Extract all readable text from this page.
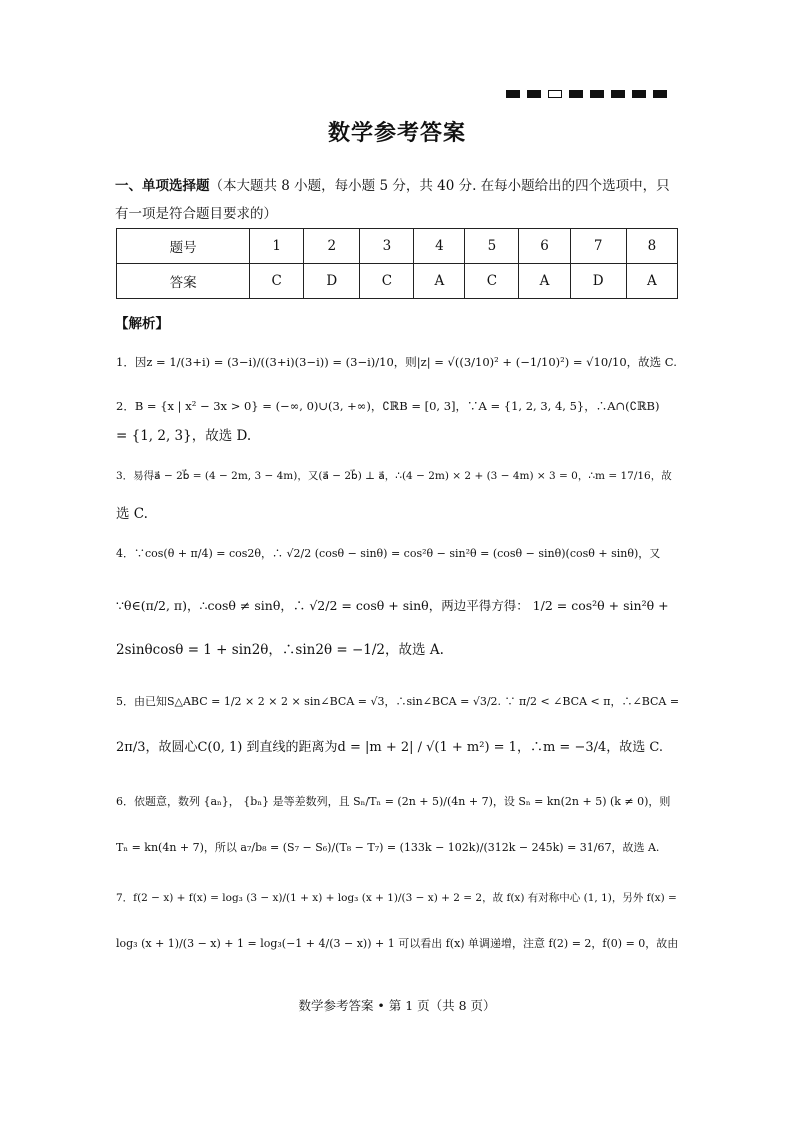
数学参考答案
一、单项选择题（本大题共 8 小题，每小题 5 分，共 40 分. 在每小题给出的四个选项中，只
有一项是符合题目要求的）
题号	1	2	3	4	5	6	7	8
答案	C	D	C	A	C	A	D	A
【解析】
1．因z = 1/(3+i) = (3−i)/((3+i)(3−i)) = (3−i)/10，则|z| = √((3/10)² + (−1/10)²) = √10/10，故选 C.
2．B = {x | x² − 3x > 0} = (−∞, 0)∪(3, +∞)，∁ℝB = [0, 3]，∵A = {1, 2, 3, 4, 5}，∴A∩(∁ℝB)
= {1, 2, 3}，故选 D.
3．易得a⃗ − 2b⃗ = (4 − 2m, 3 − 4m)，又(a⃗ − 2b⃗) ⊥ a⃗，∴(4 − 2m) × 2 + (3 − 4m) × 3 = 0，∴m = 17/16，故
选 C.
4．∵cos(θ + π/4) = cos2θ，∴ √2/2 (cosθ − sinθ) = cos²θ − sin²θ = (cosθ − sinθ)(cosθ + sinθ)，又
∵θ∈(π/2, π)，∴cosθ ≠ sinθ，∴ √2/2 = cosθ + sinθ，两边平得方得： 1/2 = cos²θ + sin²θ +
2sinθcosθ = 1 + sin2θ，∴sin2θ = −1/2，故选 A.
5．由已知S△ABC = 1/2 × 2 × 2 × sin∠BCA = √3，∴sin∠BCA = √3/2. ∵ π/2 < ∠BCA < π，∴∠BCA =
2π/3，故圆心C(0, 1) 到直线的距离为d = |m + 2| / √(1 + m²) = 1，∴m = −3/4，故选 C.
6．依题意，数列 {aₙ}， {bₙ} 是等差数列，且 Sₙ/Tₙ = (2n + 5)/(4n + 7)，设 Sₙ = kn(2n + 5) (k ≠ 0)，则
Tₙ = kn(4n + 7)，所以 a₇/b₈ = (S₇ − S₆)/(T₈ − T₇) = (133k − 102k)/(312k − 245k) = 31/67，故选 A.
7．f(2 − x) + f(x) = log₃ (3 − x)/(1 + x) + log₃ (x + 1)/(3 − x) + 2 = 2，故 f(x) 有对称中心 (1, 1)，另外 f(x) =
log₃ (x + 1)/(3 − x) + 1 = log₃(−1 + 4/(3 − x)) + 1 可以看出 f(x) 单调递增，注意 f(2) = 2，f(0) = 0，故由
数学参考答案 • 第 1 页（共 8 页）
